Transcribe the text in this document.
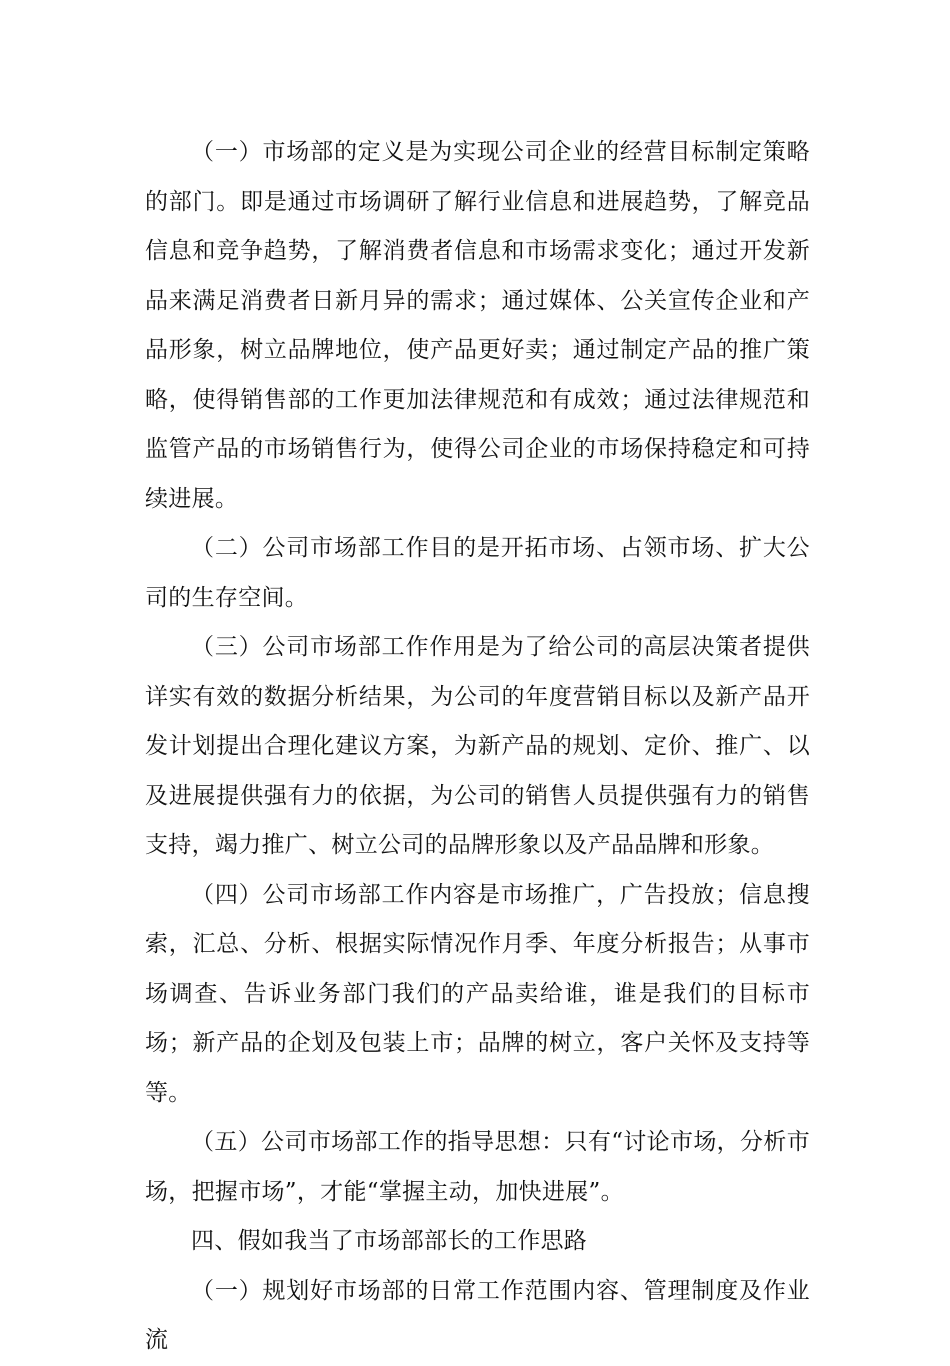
（一）市场部的定义是为实现公司企业的经营目标制定策略的部门。即是通过市场调研了解行业信息和进展趋势，了解竞品信息和竞争趋势，了解消费者信息和市场需求变化；通过开发新品来满足消费者日新月异的需求；通过媒体、公关宣传企业和产品形象，树立品牌地位，使产品更好卖；通过制定产品的推广策略，使得销售部的工作更加法律规范和有成效；通过法律规范和监管产品的市场销售行为，使得公司企业的市场保持稳定和可持续进展。

（二）公司市场部工作目的是开拓市场、占领市场、扩大公司的生存空间。

（三）公司市场部工作作用是为了给公司的高层决策者提供详实有效的数据分析结果，为公司的年度营销目标以及新产品开发计划提出合理化建议方案，为新产品的规划、定价、推广、以及进展提供强有力的依据，为公司的销售人员提供强有力的销售支持，竭力推广、树立公司的品牌形象以及产品品牌和形象。

（四）公司市场部工作内容是市场推广，广告投放；信息搜索，汇总、分析、根据实际情况作月季、年度分析报告；从事市场调查、告诉业务部门我们的产品卖给谁，谁是我们的目标市场；新产品的企划及包装上市；品牌的树立，客户关怀及支持等等。

（五）公司市场部工作的指导思想：只有“讨论市场，分析市场，把握市场”，才能“掌握主动，加快进展”。

四、假如我当了市场部部长的工作思路

（一）规划好市场部的日常工作范围内容、管理制度及作业流
